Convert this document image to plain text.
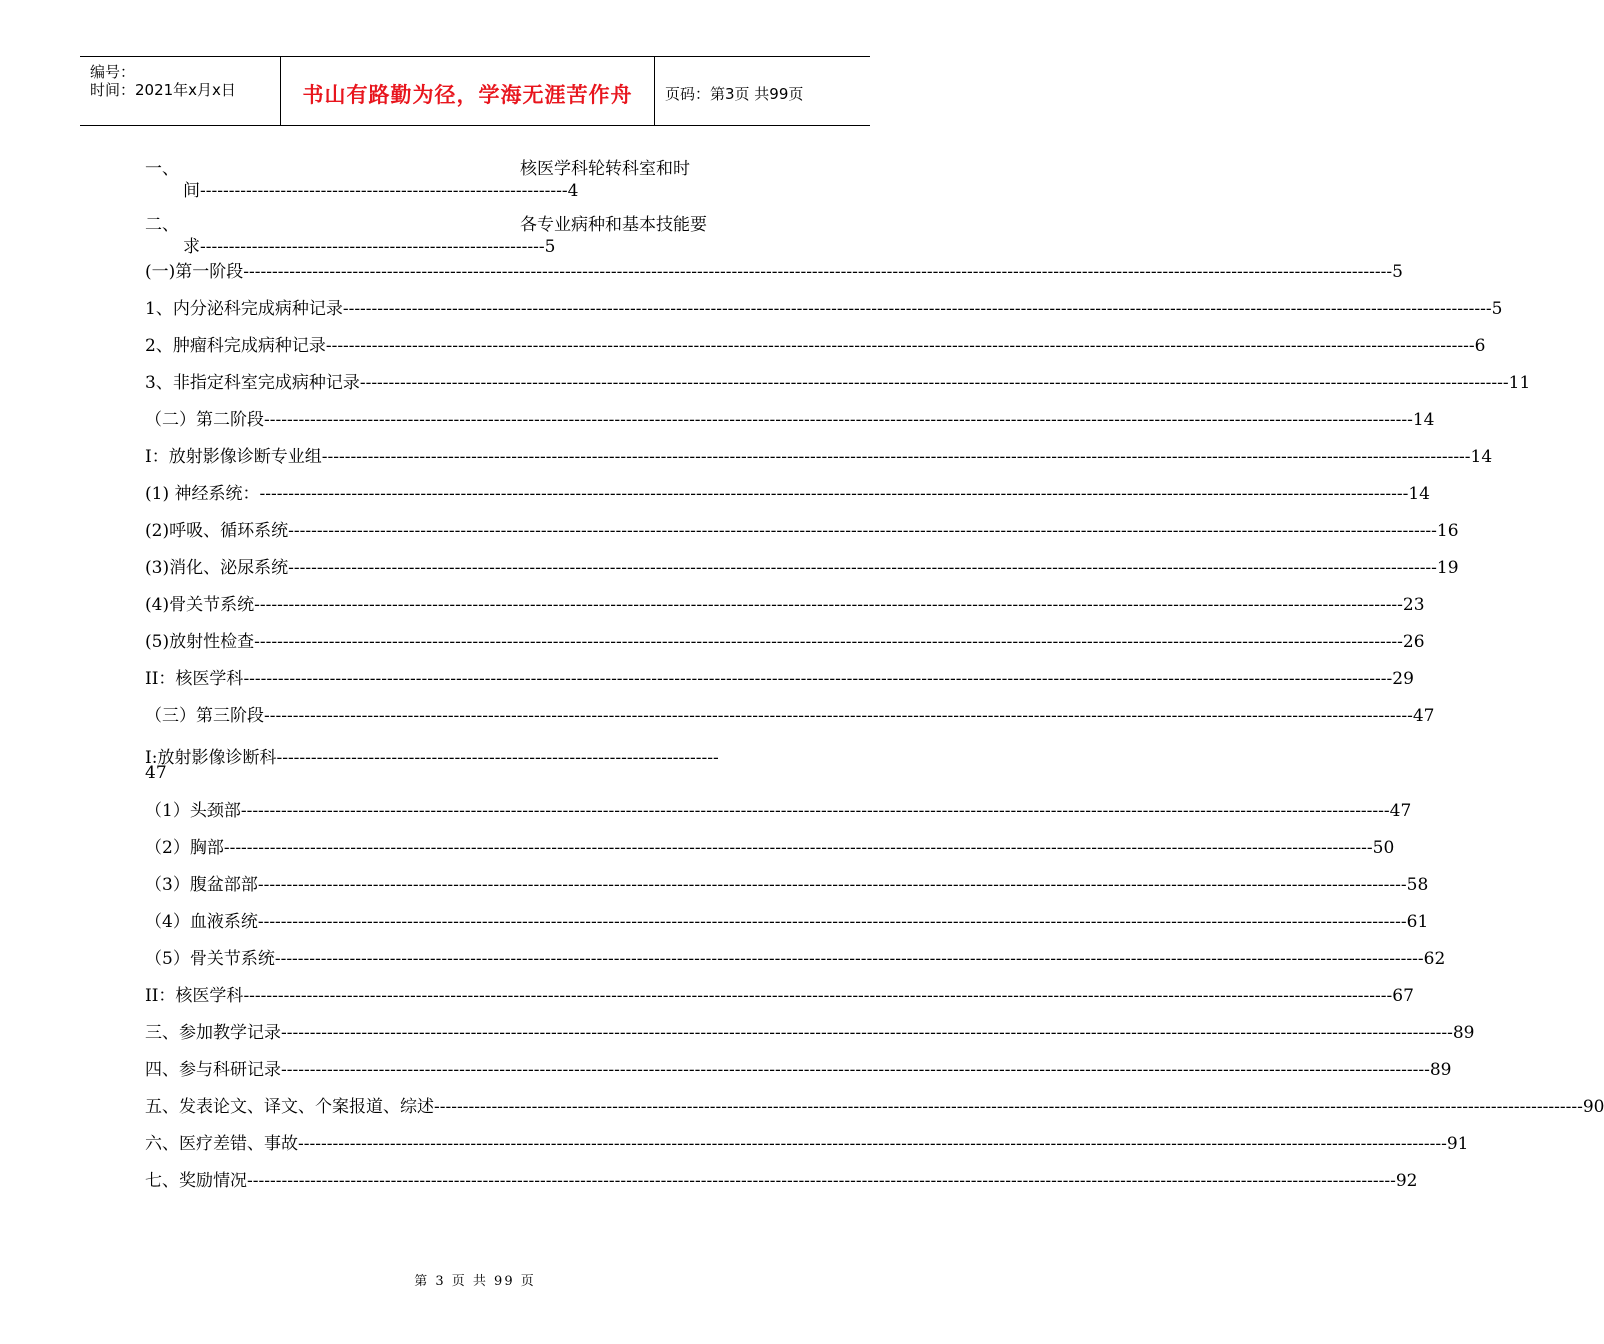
编号：
时间：2021年x月x日	书山有路勤为径，学海无涯苦作舟	页码：第3页 共99页
一、	核医学科轮转科室和时
间----------------------------------------------------------------4
二、	各专业病种和基本技能要
求------------------------------------------------------------5
(一)第一阶段 -------------------------------------------------------------------------------------------------------------------------------------------------------------------------------------------------------- 5
1、内分泌科完成病种记录 -------------------------------------------------------------------------------------------------------------------------------------------------------------------------------------------------------- 5
2、肿瘤科完成病种记录 -------------------------------------------------------------------------------------------------------------------------------------------------------------------------------------------------------- 6
3、非指定科室完成病种记录 -------------------------------------------------------------------------------------------------------------------------------------------------------------------------------------------------------- 11
（二）第二阶段 -------------------------------------------------------------------------------------------------------------------------------------------------------------------------------------------------------- 14
I：放射影像诊断专业组 -------------------------------------------------------------------------------------------------------------------------------------------------------------------------------------------------------- 14
(1) 神经系统： -------------------------------------------------------------------------------------------------------------------------------------------------------------------------------------------------------- 14
(2)呼吸、循环系统 -------------------------------------------------------------------------------------------------------------------------------------------------------------------------------------------------------- 16
(3)消化、泌尿系统 -------------------------------------------------------------------------------------------------------------------------------------------------------------------------------------------------------- 19
(4)骨关节系统 -------------------------------------------------------------------------------------------------------------------------------------------------------------------------------------------------------- 23
(5)放射性检查 -------------------------------------------------------------------------------------------------------------------------------------------------------------------------------------------------------- 26
II：核医学科 -------------------------------------------------------------------------------------------------------------------------------------------------------------------------------------------------------- 29
（三）第三阶段 -------------------------------------------------------------------------------------------------------------------------------------------------------------------------------------------------------- 47
I:放射影像诊断科-----------------------------------------------------------------------------
47
（1）头颈部 -------------------------------------------------------------------------------------------------------------------------------------------------------------------------------------------------------- 47
（2）胸部 -------------------------------------------------------------------------------------------------------------------------------------------------------------------------------------------------------- 50
（3）腹盆部部 -------------------------------------------------------------------------------------------------------------------------------------------------------------------------------------------------------- 58
（4）血液系统 -------------------------------------------------------------------------------------------------------------------------------------------------------------------------------------------------------- 61
（5）骨关节系统 -------------------------------------------------------------------------------------------------------------------------------------------------------------------------------------------------------- 62
II：核医学科 -------------------------------------------------------------------------------------------------------------------------------------------------------------------------------------------------------- 67
三、参加教学记录---- -------------------------------------------------------------------------------------------------------------------------------------------------------------------------------------------------------- 89
四、参与科研记录 -------------------------------------------------------------------------------------------------------------------------------------------------------------------------------------------------------- 89
五、发表论文、译文、个案报道、综述 -------------------------------------------------------------------------------------------------------------------------------------------------------------------------------------------------------- 90
六、医疗差错、事故 -------------------------------------------------------------------------------------------------------------------------------------------------------------------------------------------------------- 91
七、奖励情况 -------------------------------------------------------------------------------------------------------------------------------------------------------------------------------------------------------- 92
第 3 页 共 99 页
